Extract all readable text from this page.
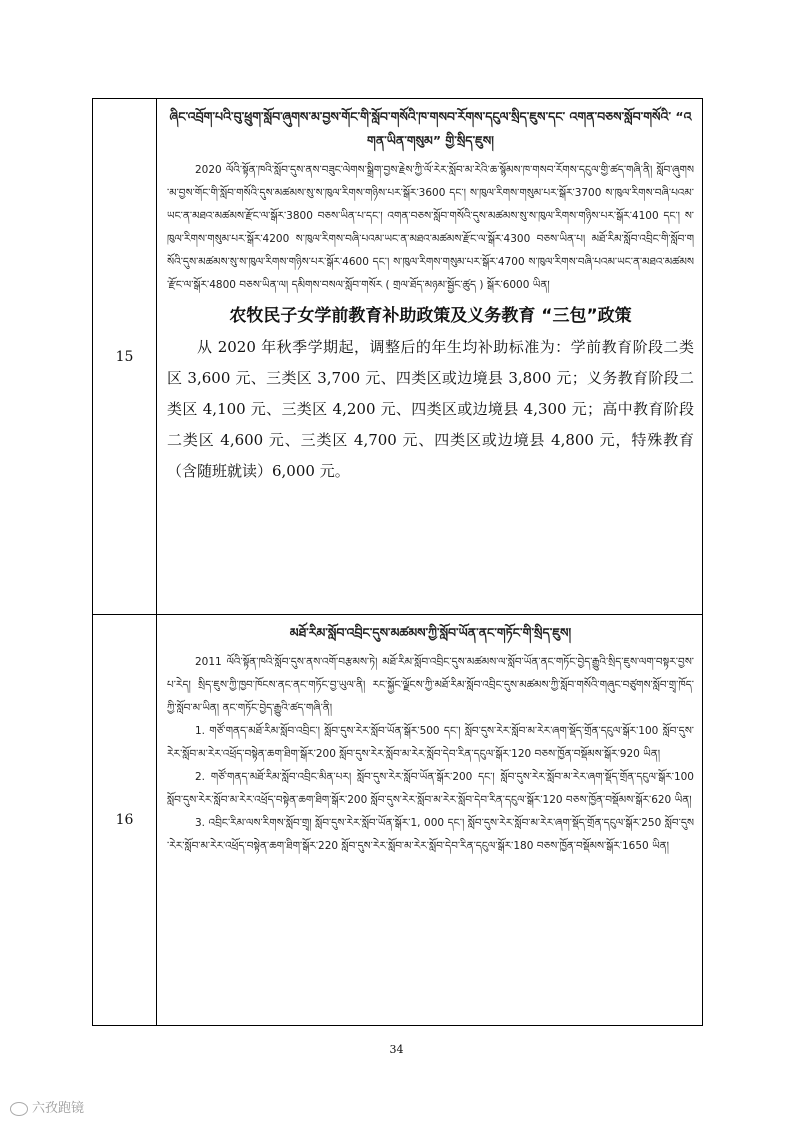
15
ཞིང་འབྲོག་པའི་བུ་ཕྲུག་སློབ་ཞུགས་མ་བྱས་གོང་གི་སློབ་གསོའི་ཁ་གསབ་རོགས་དངུལ་སྲིད་ཇུས་དང་ འགན་བཅས་སློབ་གསོའི་ “འགན་ཡིན་གསུམ” གྱི་སྲིད་ཇུས།

2020 ལོའི་སྟོན་ཁའི་སློབ་དུས་ནས་བཟུང་ལེགས་སྒྲིག་བྱས་རྗེས་ཀྱི་ལོ་རེར་སློབ་མ་རེའི་ཆ་སྙོམས་ཁ་གསབ་རོགས་དངུལ་གྱི་ཚད་གཞི་ནི། སློབ་ཞུགས་མ་བྱས་གོང་གི་སློབ་གསོའི་དུས་མཚམས་སུ་ས་ཁུལ་རིགས་གཉིས་པར་སྒོར་3600 དང་། ས་ཁུལ་རིགས་གསུམ་པར་སྒོར་3700 ས་ཁུལ་རིགས་བཞི་པའམ་ཡང་ན་མཐའ་མཚམས་རྫོང་ལ་སྒོར་3800 བཅས་ཡིན་པ་དང་། འགན་བཅས་སློབ་གསོའི་དུས་མཚམས་སུ་ས་ཁུལ་རིགས་གཉིས་པར་སྒོར་4100 དང་། ས་ཁུལ་རིགས་གསུམ་པར་སྒོར་4200 ས་ཁུལ་རིགས་བཞི་པའམ་ཡང་ན་མཐའ་མཚམས་རྫོང་ལ་སྒོར་4300 བཅས་ཡིན་པ། མཐོ་རིམ་སློབ་འབྲིང་གི་སློབ་གསོའི་དུས་མཚམས་སུ་ས་ཁུལ་རིགས་གཉིས་པར་སྒོར་4600 དང་། ས་ཁུལ་རིགས་གསུམ་པར་སྒོར་4700 ས་ཁུལ་རིགས་བཞི་པའམ་ཡང་ན་མཐའ་མཚམས་རྫོང་ལ་སྒོར་4800 བཅས་ཡིན་ལ། དམིགས་བསལ་སློབ་གསོར ( གྲལ་ཐོད་མཉམ་སྦྱོང་ཚུད ) སྒོར་6000 ཡིན།

农牧民子女学前教育补助政策及义务教育 “三包”政策

从 2020 年秋季学期起，调整后的年生均补助标准为：学前教育阶段二类区 3,600 元、三类区 3,700 元、四类区或边境县 3,800 元；义务教育阶段二类区 4,100 元、三类区 4,200 元、四类区或边境县 4,300 元；高中教育阶段二类区 4,600 元、三类区 4,700 元、四类区或边境县 4,800 元，特殊教育（含随班就读）6,000 元。

16
མཐོ་རིམ་སློབ་འབྲིང་དུས་མཚམས་ཀྱི་སློབ་ཡོན་ནང་གཏོང་གི་སྲིད་ཇུས།

2011 ལོའི་སྟོན་ཁའི་སློབ་དུས་ནས་འགོ་བརྩམས་ཏེ། མཐོ་རིམ་སློབ་འབྲིང་དུས་མཚམས་ལ་སློབ་ཡོན་ནང་གཏོང་བྱེད་རྒྱུའི་སྲིད་ཇུས་ལག་བསྟར་བྱས་པ་རེད། སྲིད་ཇུས་ཀྱི་ཁྱབ་ཁོངས་ནང་ནང་གཏོང་བྱ་ཡུལ་ནི། རང་སྐྱོང་ལྗོངས་ཀྱི་མཐོ་རིམ་སློབ་འབྲིང་དུས་མཚམས་ཀྱི་སློབ་གསོའི་གཞུང་བཙུགས་སློབ་གྲྭ་ཁོད་ཀྱི་སློབ་མ་ཡིན། ནང་གཏོང་བྱེད་རྒྱུའི་ཚད་གཞི་ནི།

1. གཙོ་གནད་མཐོ་རིམ་སློབ་འབྲིང་། སློབ་དུས་རེར་སློབ་ཡོན་སྒོར་500 དང་། སློབ་དུས་རེར་སློབ་མ་རེར་ཞག་སྡོད་གྲོན་དངུལ་སྒོར་100 སློབ་དུས་རེར་སློབ་མ་རེར་འཕྲོད་བསྟེན་ཆག་ཐིག་སྒོར་200 སློབ་དུས་རེར་སློབ་མ་རེར་སློབ་དེབ་རིན་དངུལ་སྒོར་120 བཅས་ཁྱོན་བསྡོམས་སྒོར་920 ཡིན།

2. གཙོ་གནད་མཐོ་རིམ་སློབ་འབྲིང་མིན་པར། སློབ་དུས་རེར་སློབ་ཡོན་སྒོར་200 དང་། སློབ་དུས་རེར་སློབ་མ་རེར་ཞག་སྡོད་གྲོན་དངུལ་སྒོར་100 སློབ་དུས་རེར་སློབ་མ་རེར་འཕྲོད་བསྟེན་ཆག་ཐིག་སྒོར་200 སློབ་དུས་རེར་སློབ་མ་རེར་སློབ་དེབ་རིན་དངུལ་སྒོར་120 བཅས་ཁྱོན་བསྡོམས་སྒོར་620 ཡིན།

3. འབྲིང་རིམ་ལས་རིགས་སློབ་གྲྭ། སློབ་དུས་རེར་སློབ་ཡོན་སྒོར་1, 000 དང་། སློབ་དུས་རེར་སློབ་མ་རེར་ཞག་སྡོད་གྲོན་དངུལ་སྒོར་250 སློབ་དུས་རེར་སློབ་མ་རེར་འཕྲོད་བསྟེན་ཆག་ཐིག་སྒོར་220 སློབ་དུས་རེར་སློབ་མ་རེར་སློབ་དེབ་རིན་དངུལ་སྒོར་180 བཅས་ཁྱོན་བསྡོམས་སྒོར་1650 ཡིན།

34
六孜跑镜
